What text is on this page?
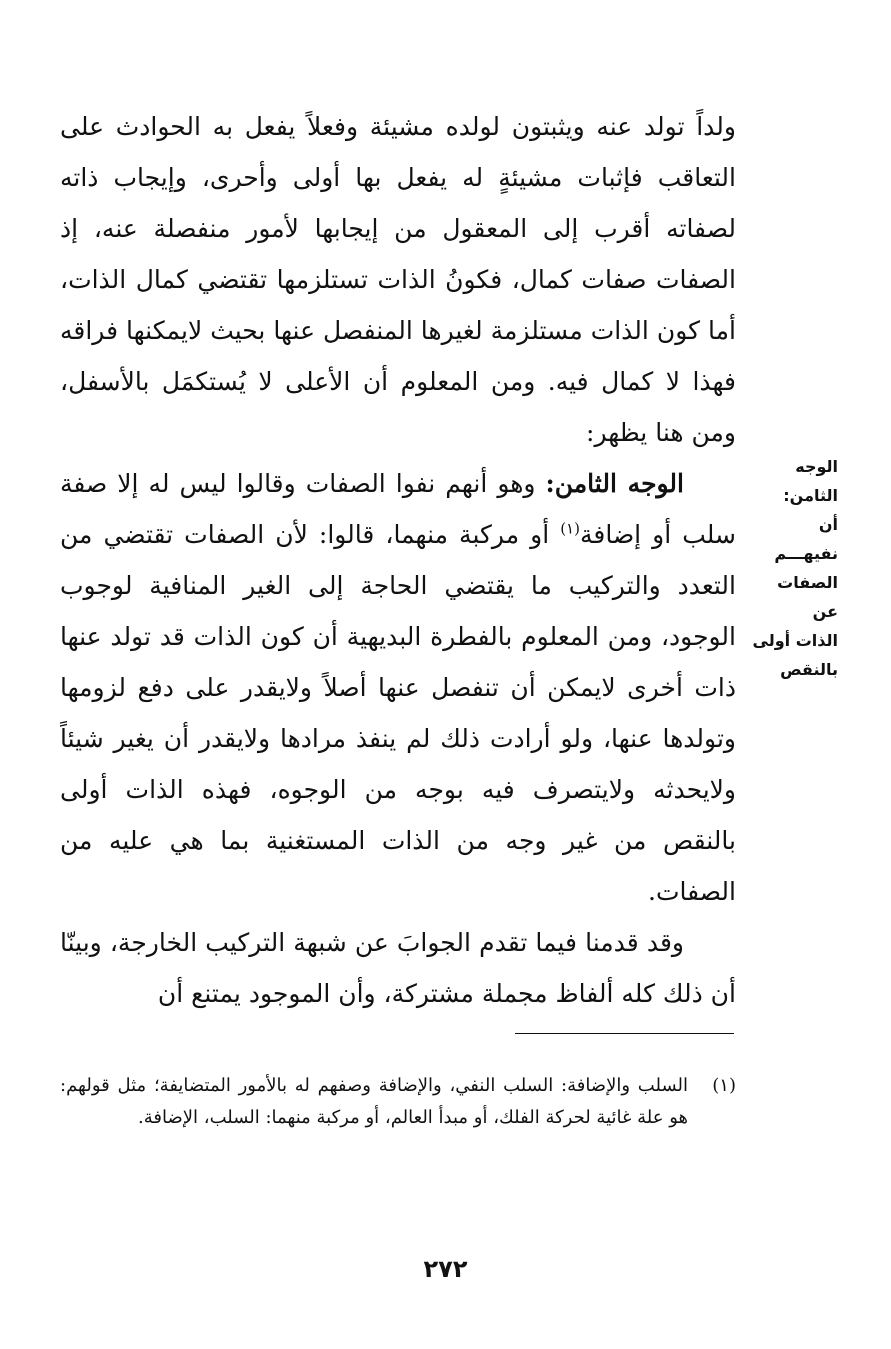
ولداً تولد عنه ويثبتون لولده مشيئة وفعلاً يفعل به الحوادث على التعاقب فإثبات مشيئةٍ له يفعل بها أولى وأحرى، وإيجاب ذاته لصفاته أقرب إلى المعقول من إيجابها لأمور منفصلة عنه، إذ الصفات صفات كمال، فكونُ الذات تستلزمها تقتضي كمال الذات، أما كون الذات مستلزمة لغيرها المنفصل عنها بحيث لايمكنها فراقه فهذا لا كمال فيه. ومن المعلوم أن الأعلى لا يُستكمَل بالأسفل، ومن هنا يظهر:

الوجه الثامن: وهو أنهم نفوا الصفات وقالوا ليس له إلا صفة سلب أو إضافة$^{(١)}$ أو مركبة منهما، قالوا: لأن الصفات تقتضي من التعدد والتركيب ما يقتضي الحاجة إلى الغير المنافية لوجوب الوجود، ومن المعلوم بالفطرة البديهية أن كون الذات قد تولد عنها ذات أخرى لايمكن أن تنفصل عنها أصلاً ولايقدر على دفع لزومها وتولدها عنها، ولو أرادت ذلك لم ينفذ مرادها ولايقدر أن يغير شيئاً ولايحدثه ولايتصرف فيه بوجه من الوجوه، فهذه الذات أولى بالنقص من غير وجه من الذات المستغنية بما هي عليه من الصفات.

الوجه الثامن:
أن نفيهـــم
الصفات عن
الذات أولى
بالنقص

وقد قدمنا فيما تقدم الجوابَ عن شبهة التركيب الخارجة، وبينّا أن ذلك كله ألفاظ مجملة مشتركة، وأن الموجود يمتنع أن

(١)
السلب والإضافة: السلب النفي، والإضافة وصفهم له بالأمور المتضايفة؛ مثل قولهم: هو علة غائية لحركة الفلك، أو مبدأ العالم، أو مركبة منهما: السلب، الإضافة.
٢٧٢
